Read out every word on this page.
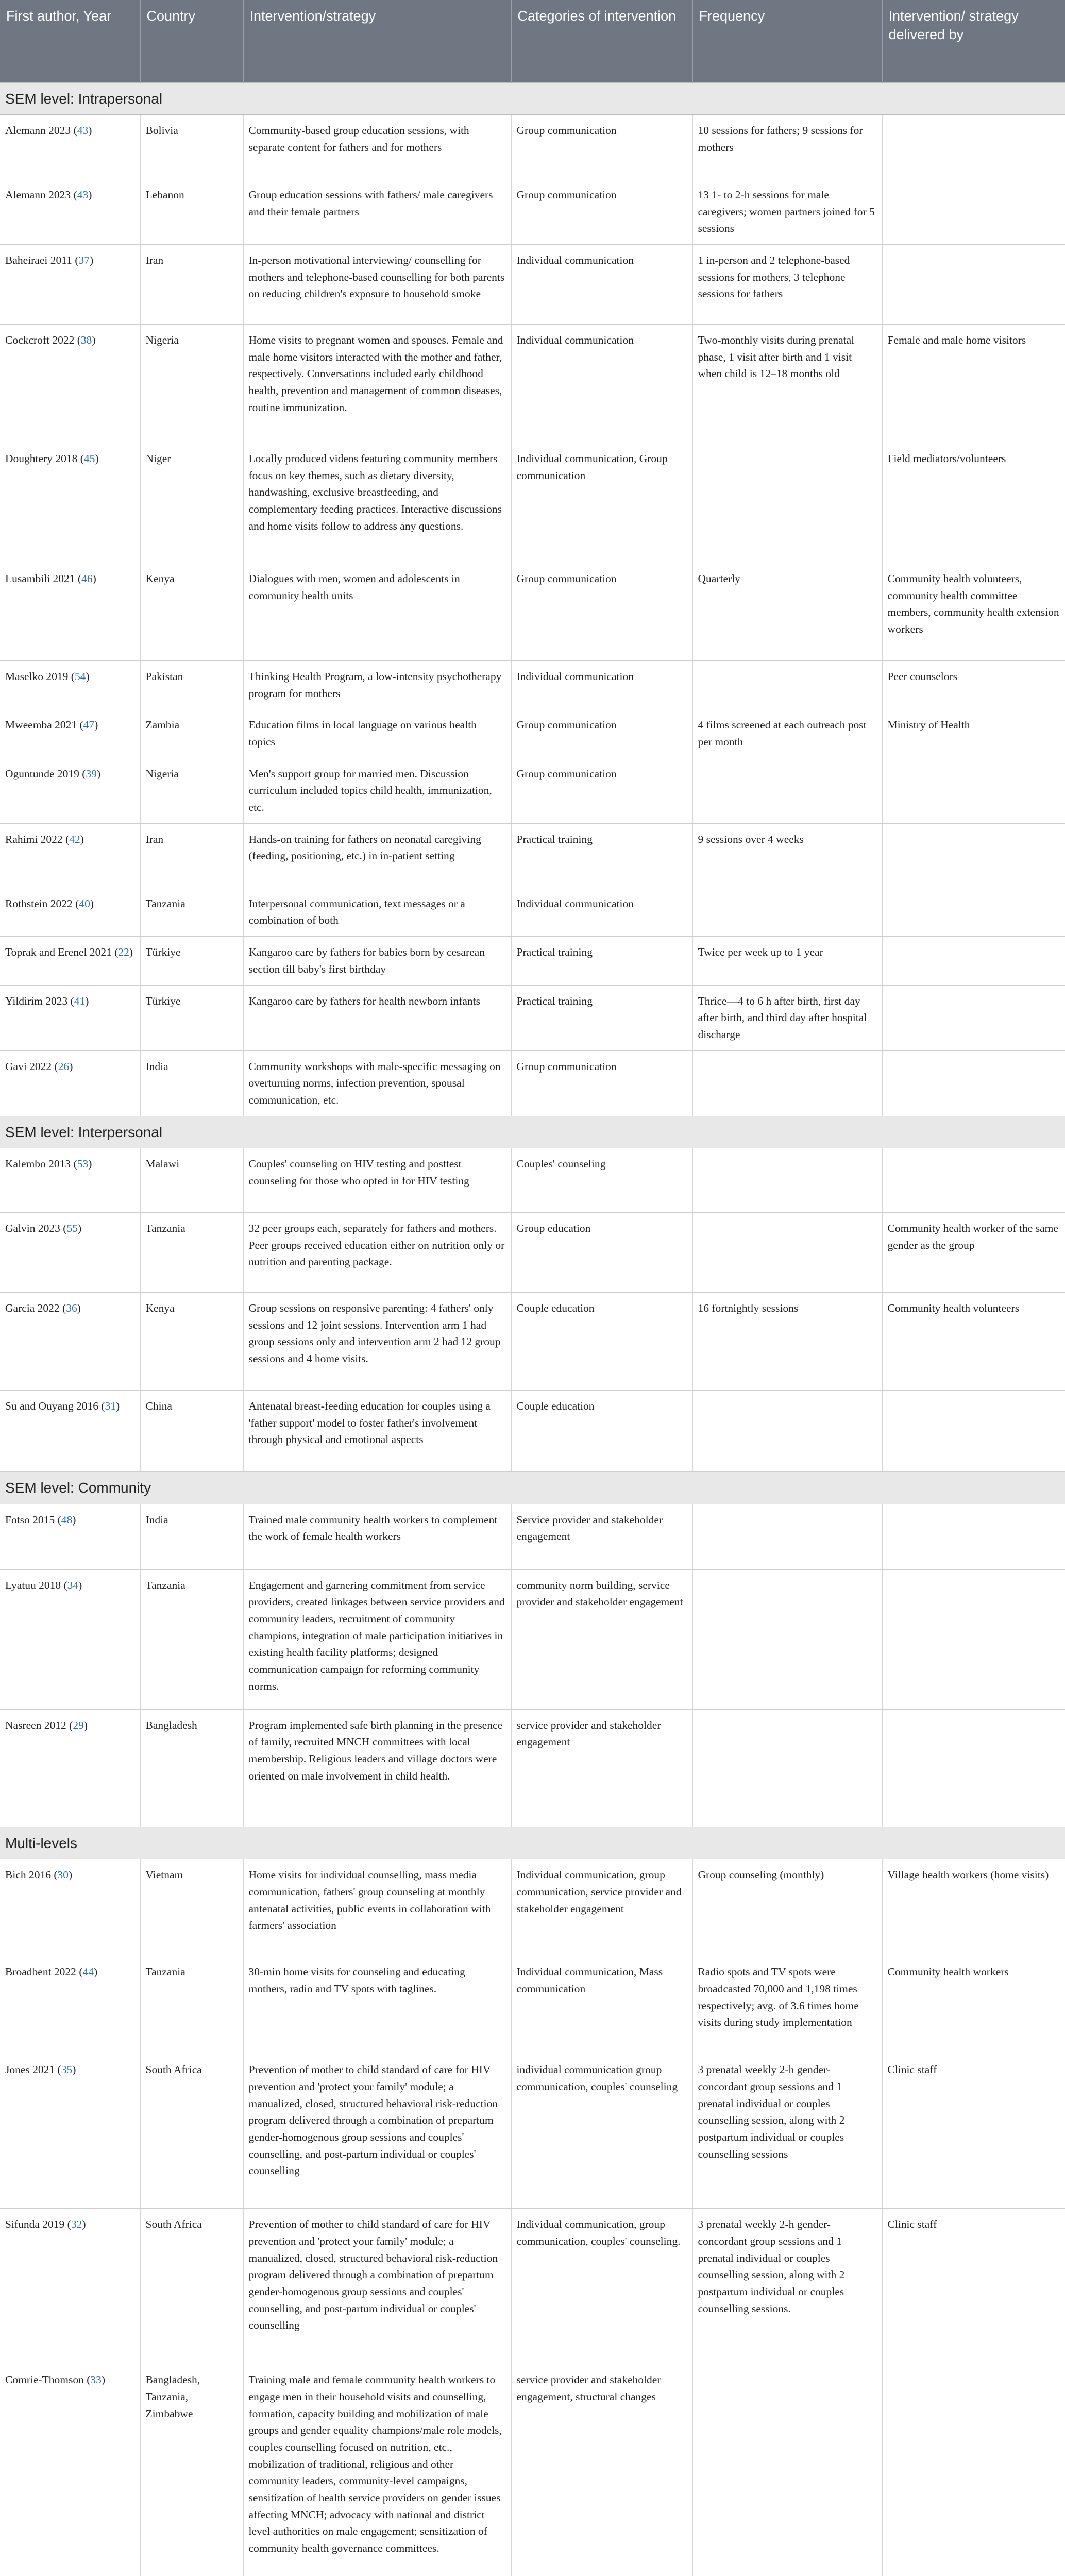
First author, Year	Country	Intervention/strategy	Categories of intervention	Frequency	Intervention/ strategy delivered by
SEM level: Intrapersonal					
Alemann 2023 (43)	Bolivia	Community-based group education sessions, with separate content for fathers and for mothers	Group communication	10 sessions for fathers; 9 sessions for mothers	
Alemann 2023 (43)	Lebanon	Group education sessions with fathers/ male caregivers and their female partners	Group communication	13 1- to 2-h sessions for male caregivers; women partners joined for 5 sessions	
Baheiraei 2011 (37)	Iran	In-person motivational interviewing/ counselling for mothers and telephone-based counselling for both parents on reducing children's exposure to household smoke	Individual communication	1 in-person and 2 telephone-based sessions for mothers, 3 telephone sessions for fathers	
Cockcroft 2022 (38)	Nigeria	Home visits to pregnant women and spouses. Female and male home visitors interacted with the mother and father, respectively. Conversations included early childhood health, prevention and management of common diseases, routine immunization.	Individual communication	Two-monthly visits during prenatal phase, 1 visit after birth and 1 visit when child is 12–18 months old	Female and male home visitors
Doughtery 2018 (45)	Niger	Locally produced videos featuring community members focus on key themes, such as dietary diversity, handwashing, exclusive breastfeeding, and complementary feeding practices. Interactive discussions and home visits follow to address any questions.	Individual communication, Group communication		Field mediators/volunteers
Lusambili 2021 (46)	Kenya	Dialogues with men, women and adolescents in community health units	Group communication	Quarterly	Community health volunteers, community health committee members, community health extension workers
Maselko 2019 (54)	Pakistan	Thinking Health Program, a low-intensity psychotherapy program for mothers	Individual communication		Peer counselors
Mweemba 2021 (47)	Zambia	Education films in local language on various health topics	Group communication	4 films screened at each outreach post per month	Ministry of Health
Oguntunde 2019 (39)	Nigeria	Men's support group for married men. Discussion curriculum included topics child health, immunization, etc.	Group communication		
Rahimi 2022 (42)	Iran	Hands-on training for fathers on neonatal caregiving (feeding, positioning, etc.) in in-patient setting	Practical training	9 sessions over 4 weeks	
Rothstein 2022 (40)	Tanzania	Interpersonal communication, text messages or a combination of both	Individual communication		
Toprak and Erenel 2021 (22)	Türkiye	Kangaroo care by fathers for babies born by cesarean section till baby's first birthday	Practical training	Twice per week up to 1 year	
Yildirim 2023 (41)	Türkiye	Kangaroo care by fathers for health newborn infants	Practical training	Thrice—4 to 6 h after birth, first day after birth, and third day after hospital discharge	
Gavi 2022 (26)	India	Community workshops with male-specific messaging on overturning norms, infection prevention, spousal communication, etc.	Group communication		
SEM level: Interpersonal					
Kalembo 2013 (53)	Malawi	Couples' counseling on HIV testing and posttest counseling for those who opted in for HIV testing	Couples' counseling		
Galvin 2023 (55)	Tanzania	32 peer groups each, separately for fathers and mothers. Peer groups received education either on nutrition only or nutrition and parenting package.	Group education		Community health worker of the same gender as the group
Garcia 2022 (36)	Kenya	Group sessions on responsive parenting: 4 fathers' only sessions and 12 joint sessions. Intervention arm 1 had group sessions only and intervention arm 2 had 12 group sessions and 4 home visits.	Couple education	16 fortnightly sessions	Community health volunteers
Su and Ouyang 2016 (31)	China	Antenatal breast-feeding education for couples using a 'father support' model to foster father's involvement through physical and emotional aspects	Couple education		
SEM level: Community					
Fotso 2015 (48)	India	Trained male community health workers to complement the work of female health workers	Service provider and stakeholder engagement		
Lyatuu 2018 (34)	Tanzania	Engagement and garnering commitment from service providers, created linkages between service providers and community leaders, recruitment of community champions, integration of male participation initiatives in existing health facility platforms; designed communication campaign for reforming community norms.	community norm building, service provider and stakeholder engagement		
Nasreen 2012 (29)	Bangladesh	Program implemented safe birth planning in the presence of family, recruited MNCH committees with local membership. Religious leaders and village doctors were oriented on male involvement in child health.	service provider and stakeholder engagement		
Multi-levels					
Bich 2016 (30)	Vietnam	Home visits for individual counselling, mass media communication, fathers' group counseling at monthly antenatal activities, public events in collaboration with farmers' association	Individual communication, group communication, service provider and stakeholder engagement	Group counseling (monthly)	Village health workers (home visits)
Broadbent 2022 (44)	Tanzania	30-min home visits for counseling and educating mothers, radio and TV spots with taglines.	Individual communication, Mass communication	Radio spots and TV spots were broadcasted 70,000 and 1,198 times respectively; avg. of 3.6 times home visits during study implementation	Community health workers
Jones 2021 (35)	South Africa	Prevention of mother to child standard of care for HIV prevention and 'protect your family' module; a manualized, closed, structured behavioral risk-reduction program delivered through a combination of prepartum gender-homogenous group sessions and couples' counselling, and post-partum individual or couples' counselling	individual communication group communication, couples' counseling	3 prenatal weekly 2-h gender-concordant group sessions and 1 prenatal individual or couples counselling session, along with 2 postpartum individual or couples counselling sessions	Clinic staff
Sifunda 2019 (32)	South Africa	Prevention of mother to child standard of care for HIV prevention and 'protect your family' module; a manualized, closed, structured behavioral risk-reduction program delivered through a combination of prepartum gender-homogenous group sessions and couples' counselling, and post-partum individual or couples' counselling	Individual communication, group communication, couples' counseling.	3 prenatal weekly 2-h gender-concordant group sessions and 1 prenatal individual or couples counselling session, along with 2 postpartum individual or couples counselling sessions.	Clinic staff
Comrie-Thomson (33)	Bangladesh, Tanzania, Zimbabwe	Training male and female community health workers to engage men in their household visits and counselling, formation, capacity building and mobilization of male groups and gender equality champions/male role models, couples counselling focused on nutrition, etc., mobilization of traditional, religious and other community leaders, community-level campaigns, sensitization of health service providers on gender issues affecting MNCH; advocacy with national and district level authorities on male engagement; sensitization of community health governance committees.	service provider and stakeholder engagement, structural changes		
